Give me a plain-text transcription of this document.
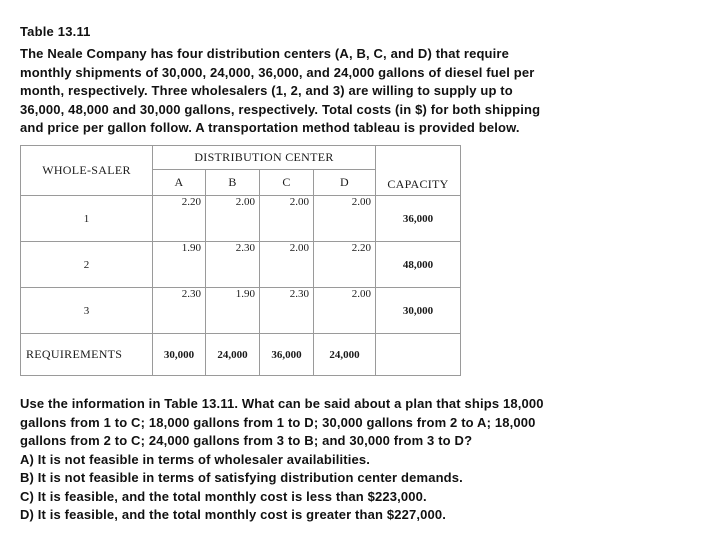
Table 13.11
The Neale Company has four distribution centers (A, B, C, and D) that require
monthly shipments of 30,000, 24,000, 36,000, and 24,000 gallons of diesel fuel per
month, respectively. Three wholesalers (1, 2, and 3) are willing to supply up to
36,000, 48,000 and 30,000 gallons, respectively. Total costs (in $) for both shipping
and price per gallon follow. A transportation method tableau is provided below.
WHOLE-SALER	DISTRIBUTION CENTER				CAPACITY
	A	B	C	D	
1	2.20	2.00	2.00	2.00	36,000
2	1.90	2.30	2.00	2.20	48,000
3	2.30	1.90	2.30	2.00	30,000
REQUIREMENTS	30,000	24,000	36,000	24,000	
Use the information in Table 13.11. What can be said about a plan that ships 18,000
gallons from 1 to C; 18,000 gallons from 1 to D; 30,000 gallons from 2 to A; 18,000
gallons from 2 to C; 24,000 gallons from 3 to B; and 30,000 from 3 to D?
A) It is not feasible in terms of wholesaler availabilities.
B) It is not feasible in terms of satisfying distribution center demands.
C) It is feasible, and the total monthly cost is less than $223,000.
D) It is feasible, and the total monthly cost is greater than $227,000.
